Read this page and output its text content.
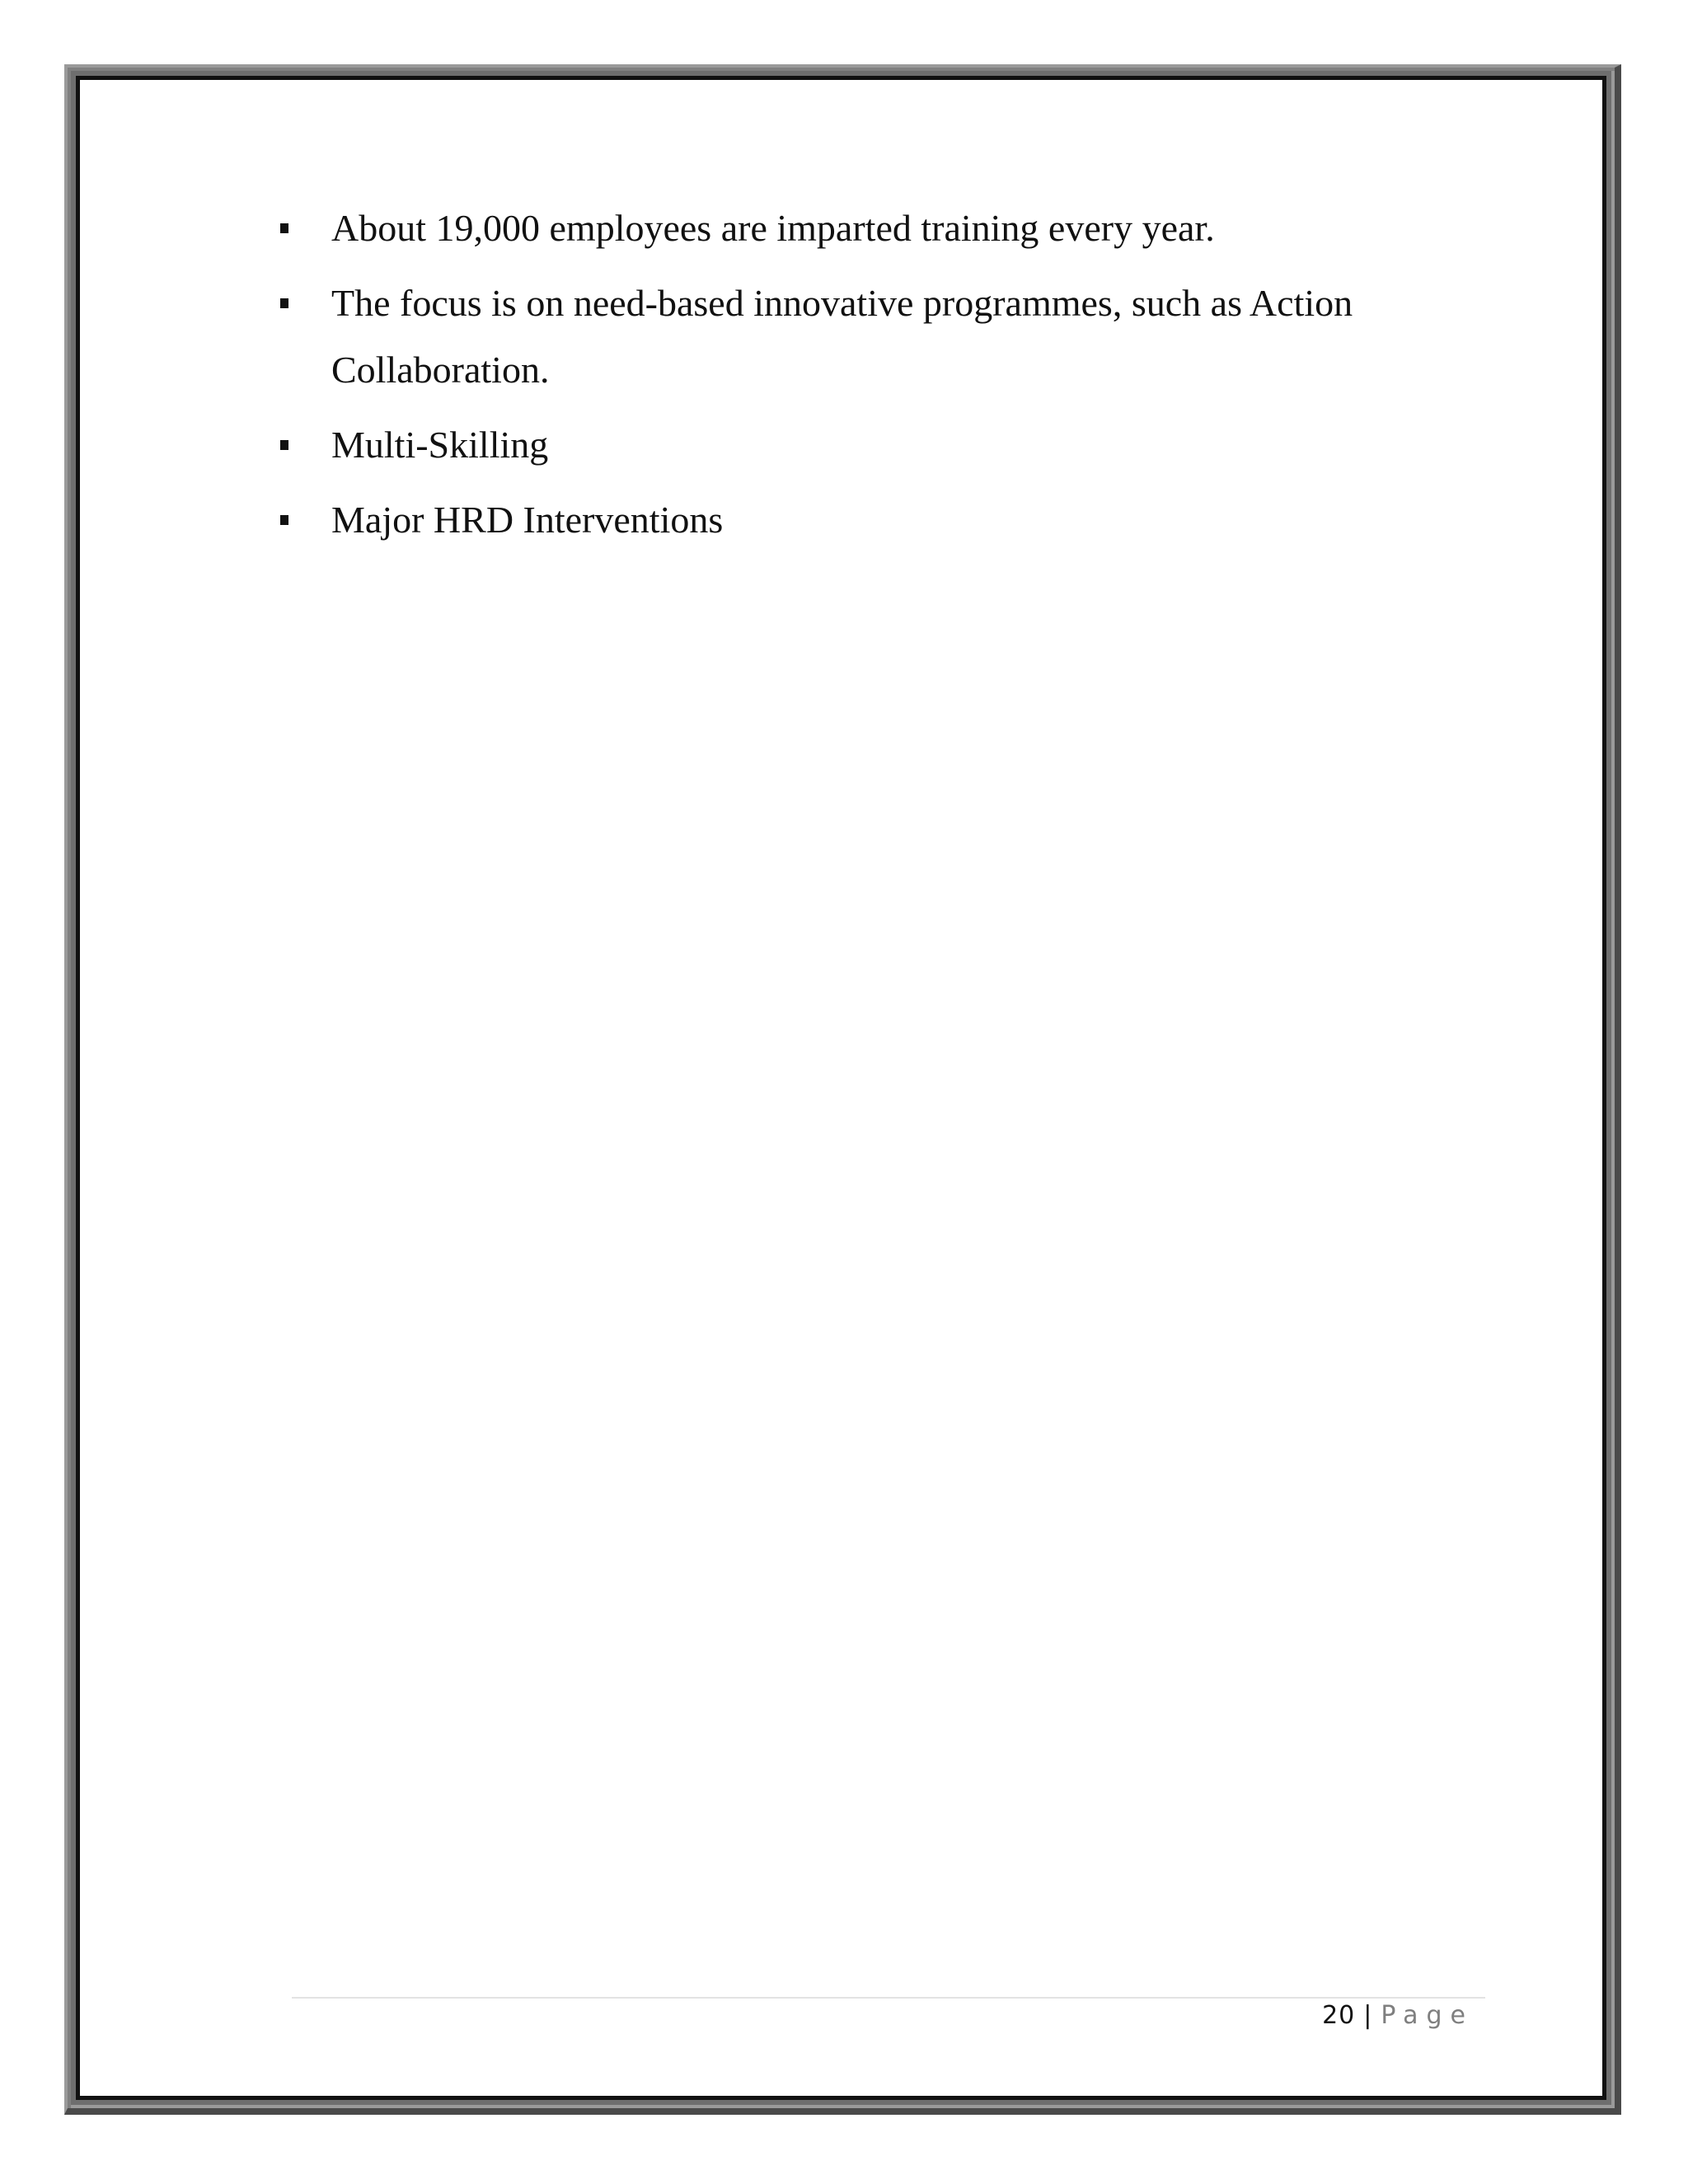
About 19,000 employees are imparted training every year.
The focus is on need-based innovative programmes, such as Action Collaboration.
Multi-Skilling
Major HRD Interventions
20 | Page
